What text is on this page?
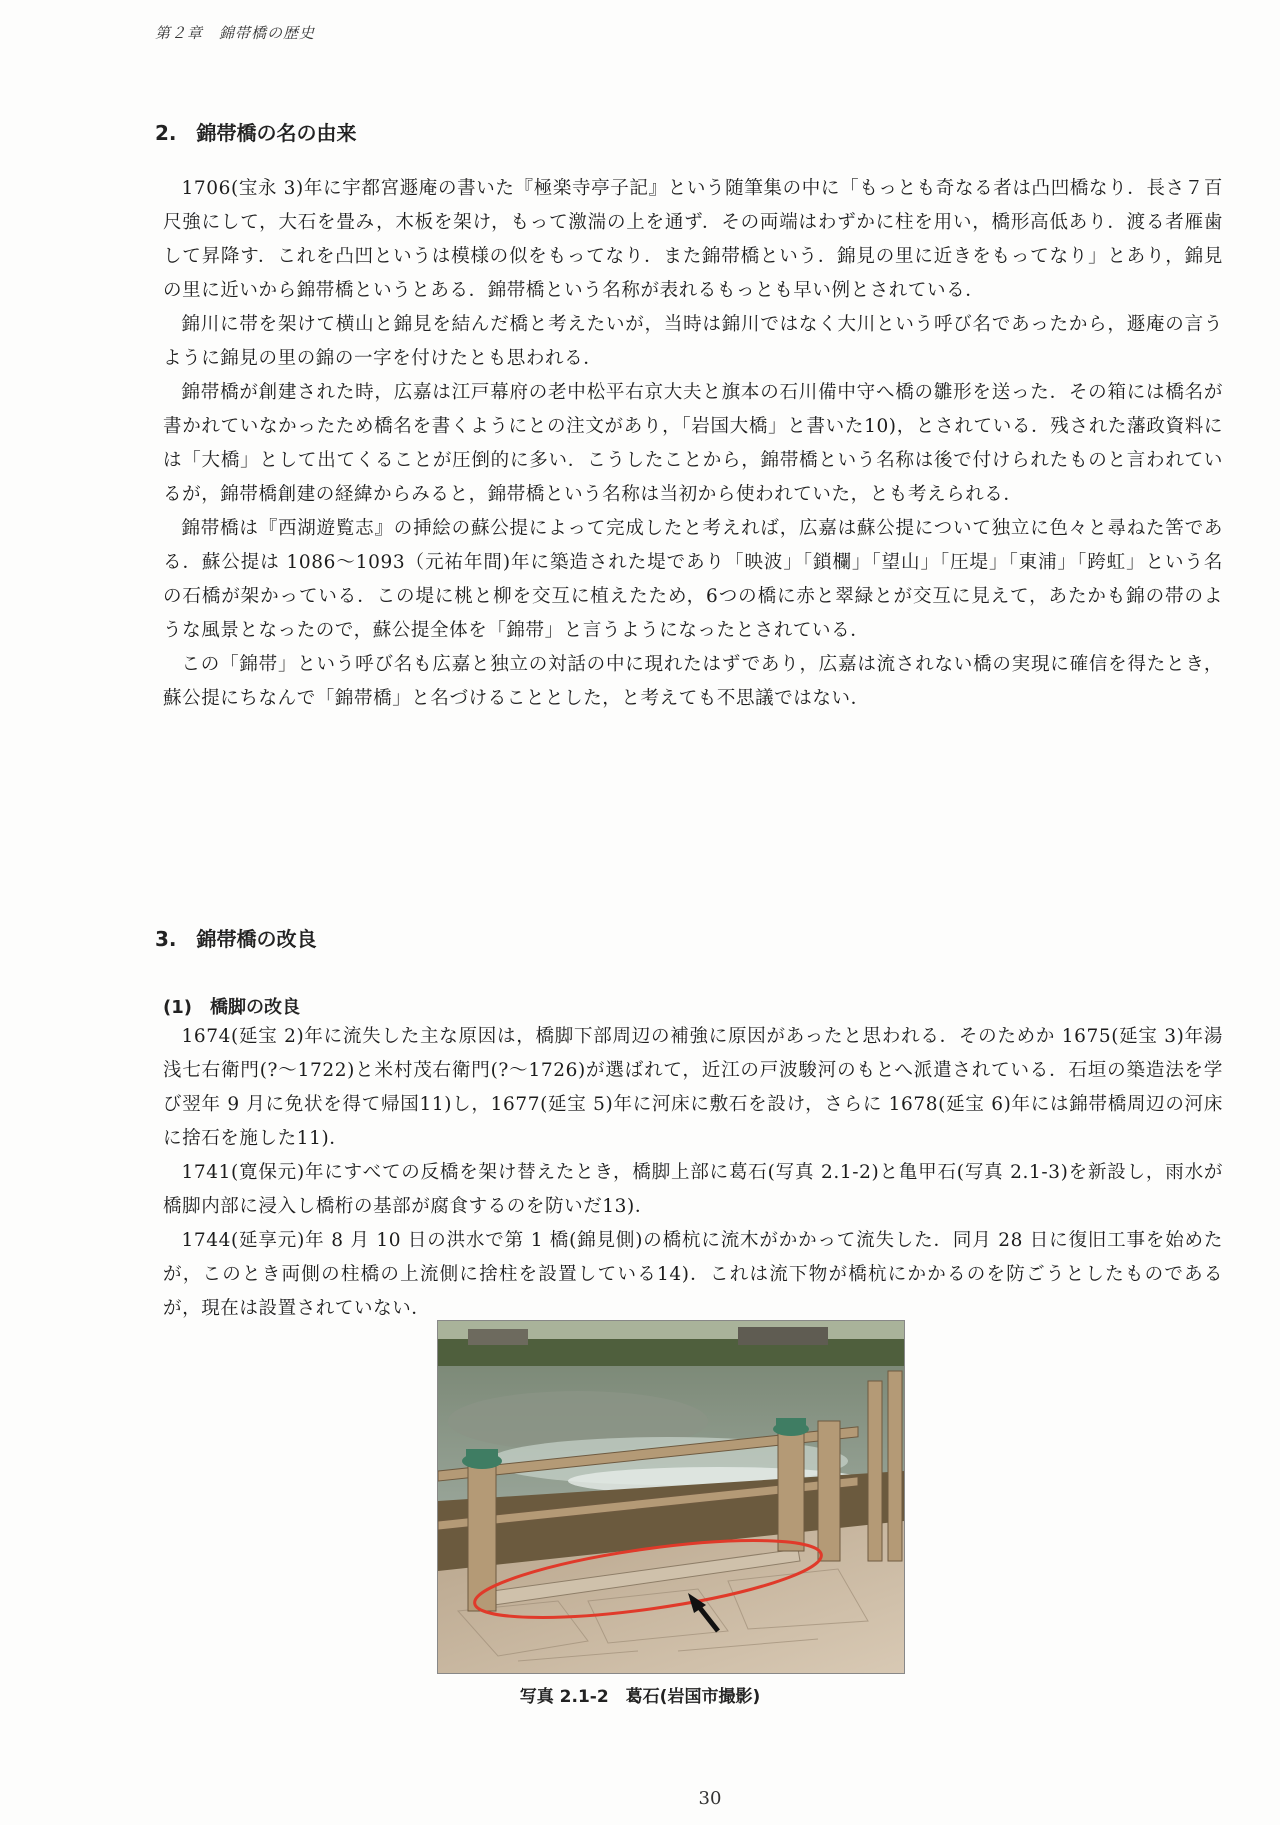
第２章　錦帯橋の歴史
2.　錦帯橋の名の由来

1706(宝永 3)年に宇都宮遯庵の書いた『極楽寺亭子記』という随筆集の中に「もっとも奇なる者は凸凹橋なり．長さ７百尺強にして，大石を畳み，木板を架け，もって激湍の上を通ず．その両端はわずかに柱を用い，橋形高低あり．渡る者雁歯して昇降す．これを凸凹というは模様の似をもってなり．また錦帯橋という．錦見の里に近きをもってなり」とあり，錦見の里に近いから錦帯橋というとある．錦帯橋という名称が表れるもっとも早い例とされている．

錦川に帯を架けて横山と錦見を結んだ橋と考えたいが，当時は錦川ではなく大川という呼び名であったから，遯庵の言うように錦見の里の錦の一字を付けたとも思われる．

錦帯橋が創建された時，広嘉は江戸幕府の老中松平右京大夫と旗本の石川備中守へ橋の雛形を送った．その箱には橋名が書かれていなかったため橋名を書くようにとの注文があり，「岩国大橋」と書いた10)，とされている．残された藩政資料には「大橋」として出てくることが圧倒的に多い．こうしたことから，錦帯橋という名称は後で付けられたものと言われているが，錦帯橋創建の経緯からみると，錦帯橋という名称は当初から使われていた，とも考えられる．

錦帯橋は『西湖遊覧志』の挿絵の蘇公提によって完成したと考えれば，広嘉は蘇公提について独立に色々と尋ねた筈である．蘇公提は 1086～1093（元祐年間)年に築造された堤であり「映波」「鎖欄」「望山」「圧堤」「東浦」「跨虹」という名の石橋が架かっている．この堤に桃と柳を交互に植えたため，6つの橋に赤と翠緑とが交互に見えて，あたかも錦の帯のような風景となったので，蘇公提全体を「錦帯」と言うようになったとされている．

この「錦帯」という呼び名も広嘉と独立の対話の中に現れたはずであり，広嘉は流されない橋の実現に確信を得たとき，蘇公提にちなんで「錦帯橋」と名づけることとした，と考えても不思議ではない．

3.　錦帯橋の改良
(1)　橋脚の改良

1674(延宝 2)年に流失した主な原因は，橋脚下部周辺の補強に原因があったと思われる．そのためか 1675(延宝 3)年湯浅七右衛門(?～1722)と米村茂右衛門(?～1726)が選ばれて，近江の戸波駿河のもとへ派遣されている．石垣の築造法を学び翌年 9 月に免状を得て帰国11)し，1677(延宝 5)年に河床に敷石を設け，さらに 1678(延宝 6)年には錦帯橋周辺の河床に捨石を施した11)．

1741(寛保元)年にすべての反橋を架け替えたとき，橋脚上部に葛石(写真 2.1-2)と亀甲石(写真 2.1-3)を新設し，雨水が橋脚内部に浸入し橋桁の基部が腐食するのを防いだ13)．

1744(延享元)年 8 月 10 日の洪水で第 1 橋(錦見側)の橋杭に流木がかかって流失した．同月 28 日に復旧工事を始めたが，このとき両側の柱橋の上流側に捨柱を設置している14)．これは流下物が橋杭にかかるのを防ごうとしたものであるが，現在は設置されていない．

写真 2.1-2　葛石(岩国市撮影)
30
